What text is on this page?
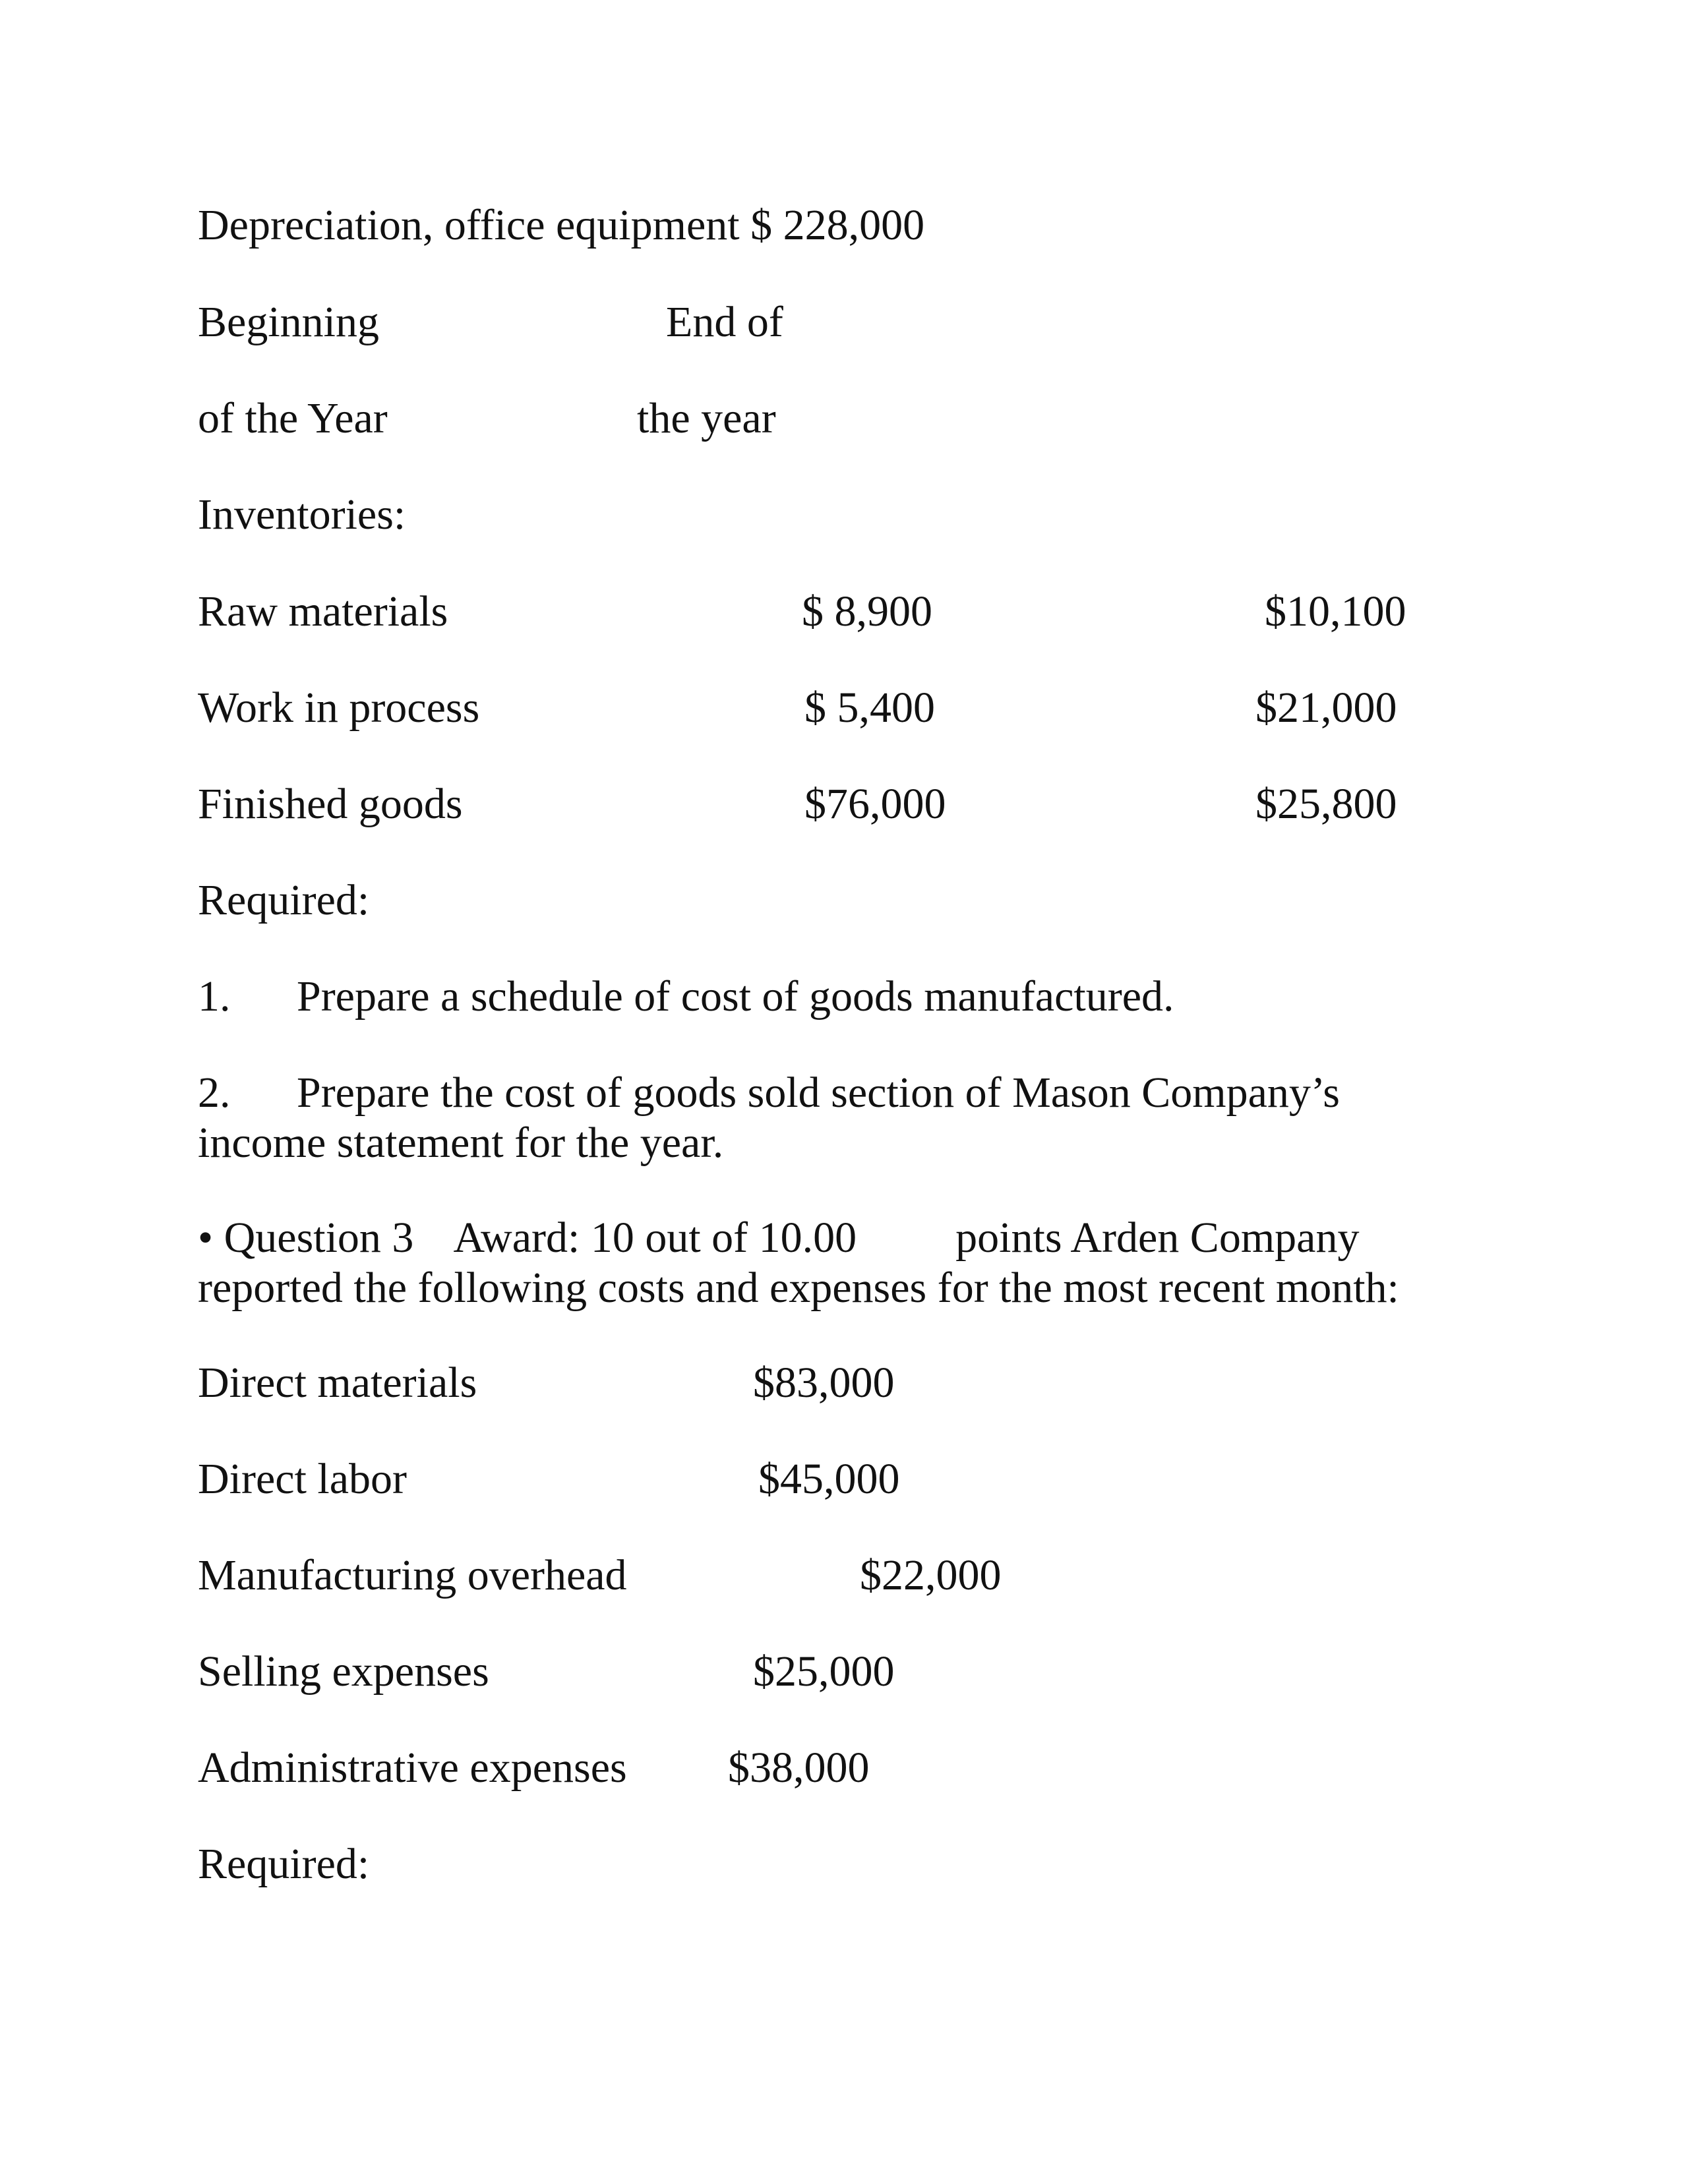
Depreciation, office equipment $ 228,000
Beginning	End of
of the Year	the year
Inventories:
Raw materials	$ 8,900	$10,100
Work in process	$ 5,400	$21,000
Finished goods	$76,000	$25,800
Required:
1. Prepare a schedule of cost of goods manufactured.
2. Prepare the cost of goods sold section of Mason Company’s income statement for the year.
• Question 3 Award: 10 out of 10.00 points Arden Company reported the following costs and expenses for the most recent month:
Direct materials	$83,000
Direct labor	$45,000
Manufacturing overhead	$22,000
Selling expenses	$25,000
Administrative expenses $38,000
Required:
